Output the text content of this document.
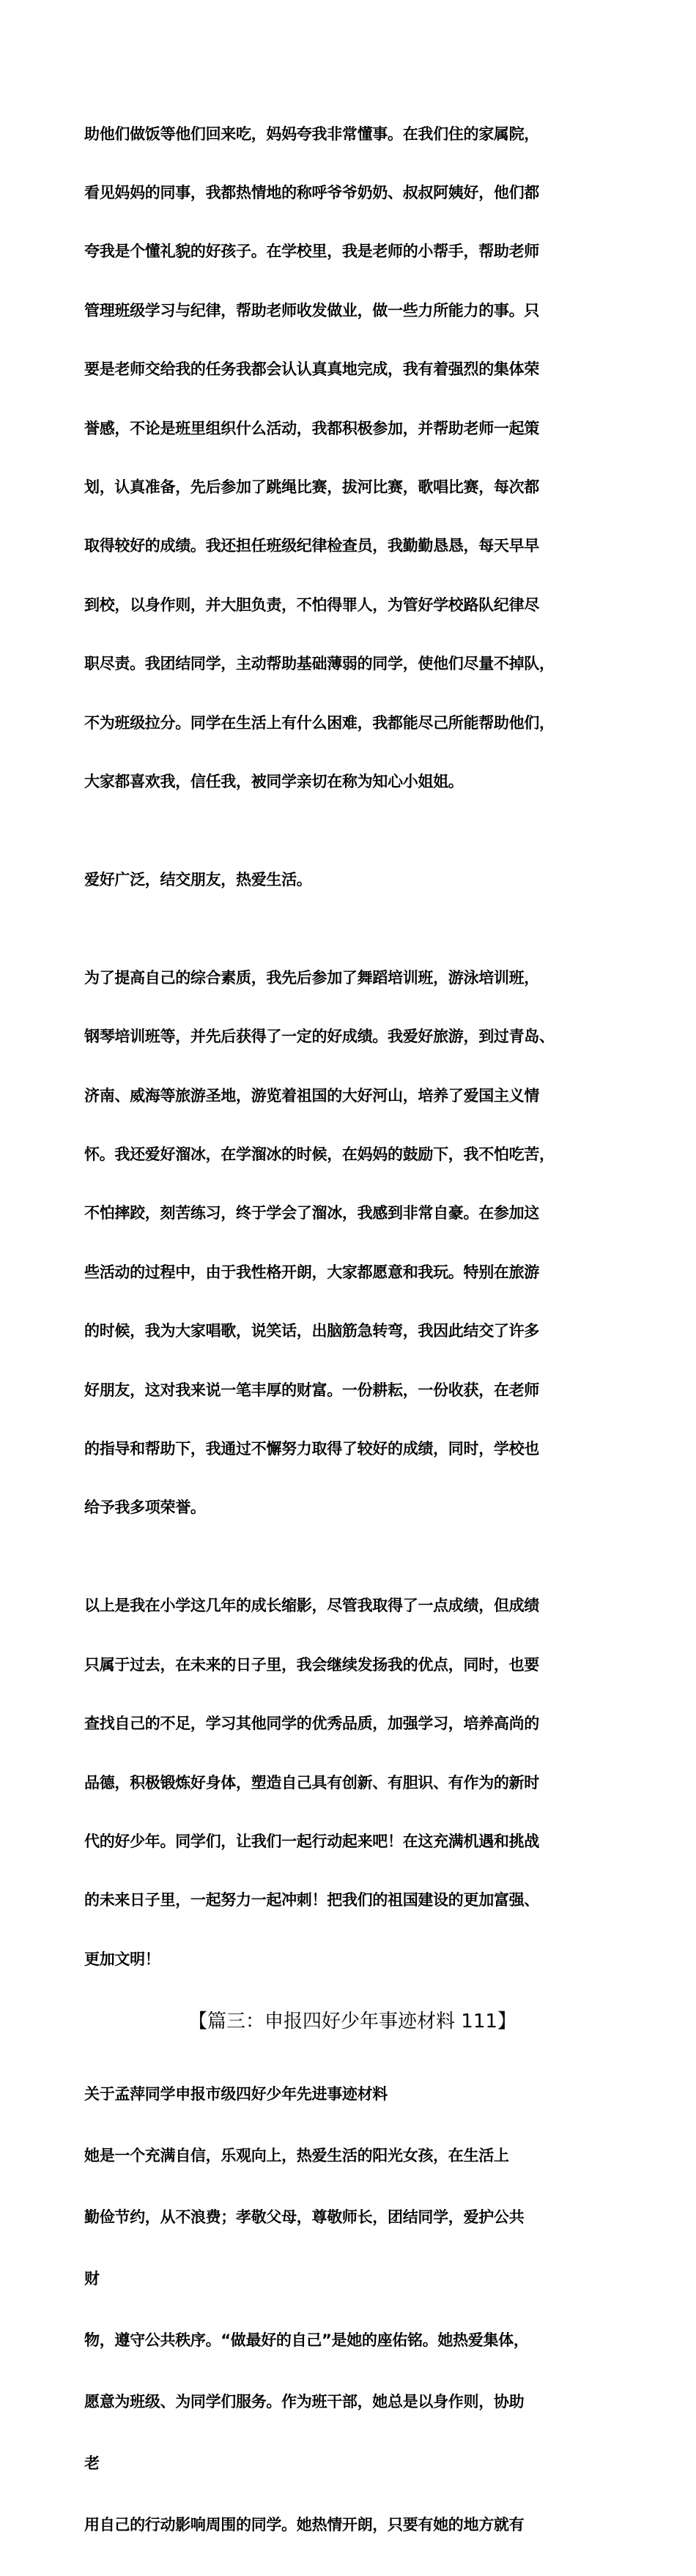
助他们做饭等他们回来吃，妈妈夸我非常懂事。在我们住的家属院，

看见妈妈的同事，我都热情地的称呼爷爷奶奶、叔叔阿姨好，他们都

夸我是个懂礼貌的好孩子。在学校里，我是老师的小帮手，帮助老师

管理班级学习与纪律，帮助老师收发做业，做一些力所能力的事。只

要是老师交给我的任务我都会认认真真地完成，我有着强烈的集体荣

誉感，不论是班里组织什么活动，我都积极参加，并帮助老师一起策

划，认真准备，先后参加了跳绳比赛，拔河比赛，歌唱比赛，每次都

取得较好的成绩。我还担任班级纪律检查员，我勤勤恳恳，每天早早

到校，以身作则，并大胆负责，不怕得罪人，为管好学校路队纪律尽

职尽责。我团结同学，主动帮助基础薄弱的同学，使他们尽量不掉队，

不为班级拉分。同学在生活上有什么困难，我都能尽己所能帮助他们，

大家都喜欢我，信任我，被同学亲切在称为知心小姐姐。

爱好广泛，结交朋友，热爱生活。

为了提高自己的综合素质，我先后参加了舞蹈培训班，游泳培训班，

钢琴培训班等，并先后获得了一定的好成绩。我爱好旅游，到过青岛、

济南、威海等旅游圣地，游览着祖国的大好河山，培养了爱国主义情

怀。我还爱好溜冰，在学溜冰的时候，在妈妈的鼓励下，我不怕吃苦，

不怕摔跤，刻苦练习，终于学会了溜冰，我感到非常自豪。在参加这

些活动的过程中，由于我性格开朗，大家都愿意和我玩。特别在旅游

的时候，我为大家唱歌，说笑话，出脑筋急转弯，我因此结交了许多

好朋友，这对我来说一笔丰厚的财富。一份耕耘，一份收获，在老师

的指导和帮助下，我通过不懈努力取得了较好的成绩，同时，学校也

给予我多项荣誉。

以上是我在小学这几年的成长缩影，尽管我取得了一点成绩，但成绩

只属于过去，在未来的日子里，我会继续发扬我的优点，同时，也要

查找自己的不足，学习其他同学的优秀品质，加强学习，培养高尚的

品德，积极锻炼好身体，塑造自己具有创新、有胆识、有作为的新时

代的好少年。同学们，让我们一起行动起来吧！在这充满机遇和挑战

的未来日子里，一起努力一起冲刺！把我们的祖国建设的更加富强、

更加文明！

【篇三：申报四好少年事迹材料 111】

关于孟萍同学申报市级四好少年先进事迹材料

她是一个充满自信，乐观向上，热爱生活的阳光女孩，在生活上

勤俭节约，从不浪费；孝敬父母，尊敬师长，团结同学，爱护公共

财

物，遵守公共秩序。“做最好的自己”是她的座佑铭。她热爱集体，

愿意为班级、为同学们服务。作为班干部，她总是以身作则，协助

老

用自己的行动影响周围的同学。她热情开朗，只要有她的地方就有
